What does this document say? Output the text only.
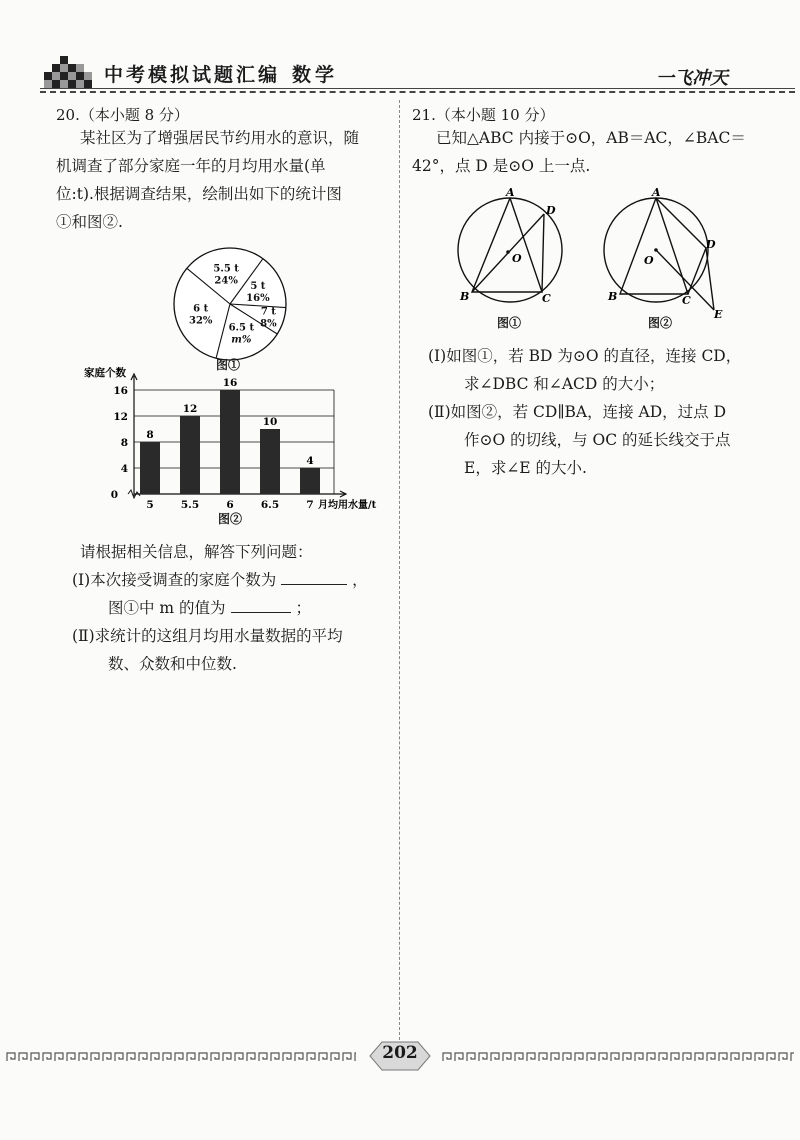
中考模拟试题汇编 数学	一飞冲天
20.（本小题 8 分）
某社区为了增强居民节约用水的意识，随
机调查了部分家庭一年的月均用水量(单
位:t).根据调查结果，绘制出如下的统计图
①和图②.
5.5 t
24% 5 t
16%
7 t
8%
6.5 t
m%
6 t
32%
图①
家庭个数
0
4
8
12
16
8
12
16
10
4
5	5.5	6	6.5	7 月均用水量/t
图②
请根据相关信息，解答下列问题：
(Ⅰ)本次接受调查的家庭个数为	，
图①中 m 的值为	；
(Ⅱ)求统计的这组月均用水量数据的平均
数、众数和中位数.
21.（本小题 10 分）
已知△ABC 内接于⊙O，AB＝AC，∠BAC＝
42°，点 D 是⊙O 上一点.
A
B	C
D
O
图①
A
B	C
D
O
E
图②
(Ⅰ)如图①，若 BD 为⊙O 的直径，连接 CD，
求∠DBC 和∠ACD 的大小；
(Ⅱ)如图②，若 CD∥BA，连接 AD，过点 D
作⊙O 的切线，与 OC 的延长线交于点
E，求∠E 的大小.
202
